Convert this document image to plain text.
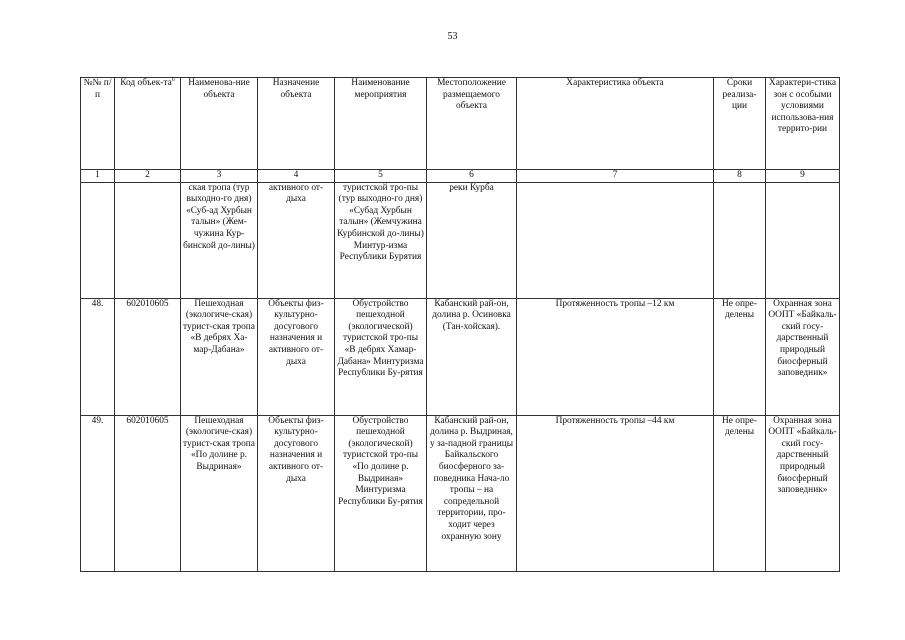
53
№№ п/п	Код объек-$та^6$	Наименова-ние объекта	Назначение объекта	Наименование мероприятия	Местоположение размещаемого объекта	Характеристика объекта	Сроки реализа-ции	Характери-стика зон с особыми условиями использова-ния террито-рии
1	2	3	4	5	6	7	8	9
		ская тропа (тур выходно-го дня) «Суб-ад Хурбын талын» (Жем-чужина Кур-бинской до-лины)	активного от-дыха	туристской тро-пы (тур выходно-го дня) «Субад Хурбын талын» (Жемчужина Курбинской до-лины) Минтур-изма Республики Бурятия	реки Курба			
48.	602010605	Пешеходная (экологиче-ская) турист-ская тропа «В дебрях Ха-мар-Дабана»	Объекты физ-культурно-досугового назначения и активного от-дыха	Обустройство пешеходной (экологической) туристской тро-пы «В дебрях Хамар-Дабана» Минтуризма Республики Бу-рятия	Кабанский рай-он, долина р. Осиновка (Тан-хойская).	Протяженность тропы –12 км	Не опре-делены	Охранная зона ООПТ «Байкаль-ский госу-дарственный природный биосферный заповедник»
49.	602010605	Пешеходная (экологиче-ская) турист-ская тропа «По долине р. Выдриная»	Объекты физ-культурно-досугового назначения и активного от-дыха	Обустройство пешеходной (экологической) туристской тро-пы «По долине р. Выдриная» Минтуризма Республики Бу-рятия	Кабанский рай-он, долина р. Выдриная, у за-падной границы Байкальского биосферного за-поведника Нача-ло тропы – на сопредельной территории, про-ходит через охранную зону	Протяженность тропы –44 км	Не опре-делены	Охранная зона ООПТ «Байкаль-ский госу-дарственный природный биосферный заповедник»
